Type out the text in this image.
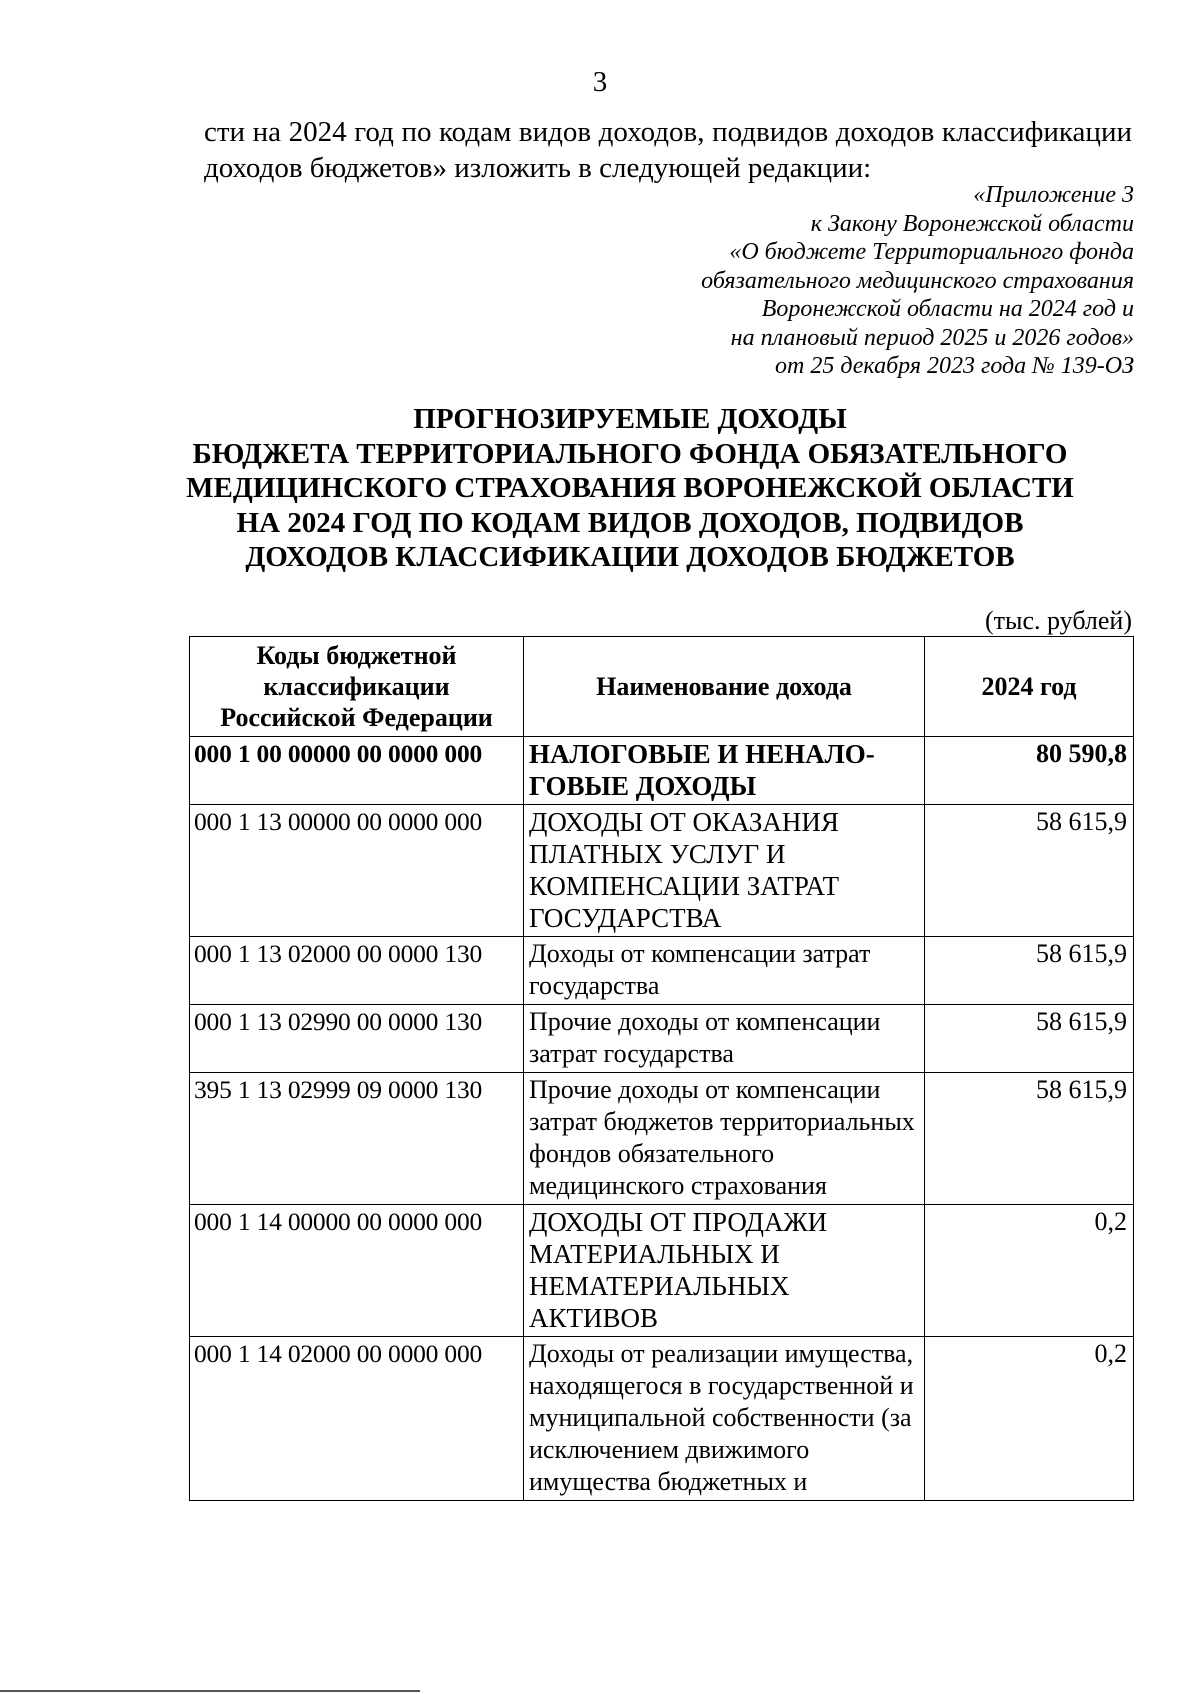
3

сти на 2024 год по кодам видов доходов, подвидов доходов классификации

доходов бюджетов» изложить в следующей редакции:

«Приложение 3
к Закону Воронежской области
«О бюджете Территориального фонда
обязательного медицинского страхования
Воронежской области на 2024 год и
на плановый период 2025 и 2026 годов»
от 25 декабря 2023 года № 139-ОЗ
ПРОГНОЗИРУЕМЫЕ ДОХОДЫ
БЮДЖЕТА ТЕРРИТОРИАЛЬНОГО ФОНДА ОБЯЗАТЕЛЬНОГО
МЕДИЦИНСКОГО СТРАХОВАНИЯ ВОРОНЕЖСКОЙ ОБЛАСТИ
НА 2024 ГОД ПО КОДАМ ВИДОВ ДОХОДОВ, ПОДВИДОВ
ДОХОДОВ КЛАССИФИКАЦИИ ДОХОДОВ БЮДЖЕТОВ
(тыс. рублей)
Коды бюджетной классификации Российской Федерации	Наименование дохода	2024 год
000 1 00 00000 00 0000 000	НАЛОГОВЫЕ И НЕНАЛО-ГОВЫЕ ДОХОДЫ	80 590,8
000 1 13 00000 00 0000 000	ДОХОДЫ ОТ ОКАЗАНИЯ ПЛАТНЫХ УСЛУГ И КОМПЕНСАЦИИ ЗАТРАТ ГОСУДАРСТВА	58 615,9
000 1 13 02000 00 0000 130	Доходы от компенсации затрат государства	58 615,9
000 1 13 02990 00 0000 130	Прочие доходы от компенсации затрат государства	58 615,9
395 1 13 02999 09 0000 130	Прочие доходы от компенсации затрат бюджетов территориальных фондов обязательного медицинского страхования	58 615,9
000 1 14 00000 00 0000 000	ДОХОДЫ ОТ ПРОДАЖИ МАТЕРИАЛЬНЫХ И НЕМАТЕРИАЛЬНЫХ АКТИВОВ	0,2
000 1 14 02000 00 0000 000	Доходы от реализации имущества, находящегося в государственной и муниципальной собственности (за исключением движимого имущества бюджетных и	0,2
